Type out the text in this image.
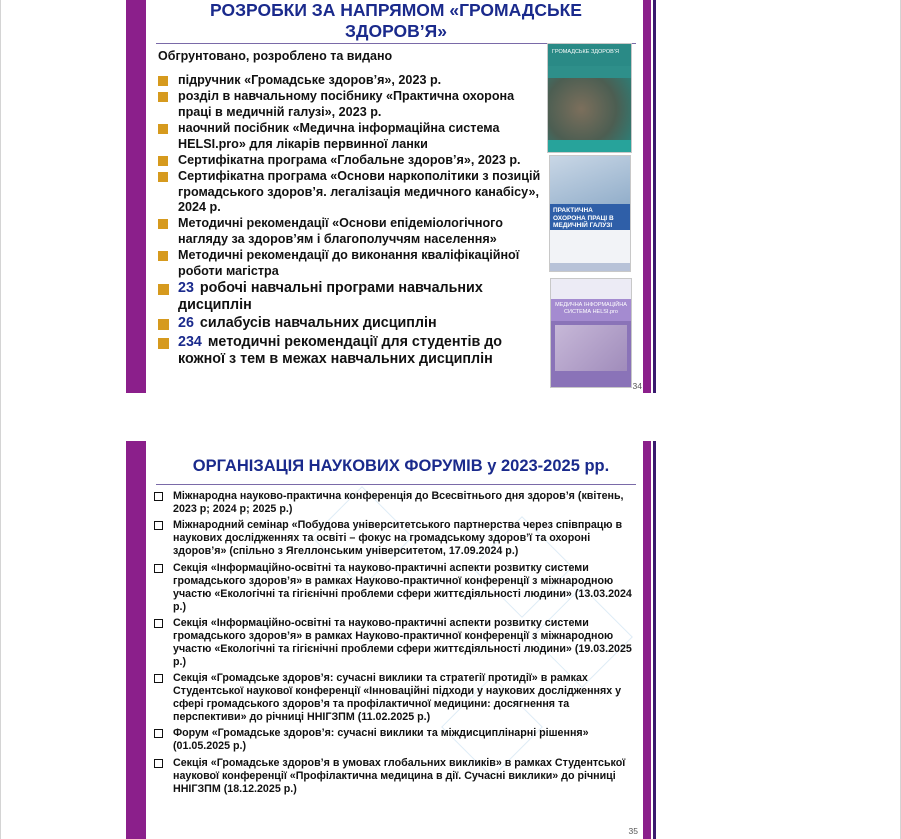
РОЗРОБКИ ЗА НАПРЯМОМ «ГРОМАДСЬКЕ ЗДОРОВ’Я»
Обгрунтовано, розроблено та видано
підручник «Громадське здоров’я», 2023 р.
розділ в навчальному посібнику «Практична охорона праці в медичній галузі», 2023 р.
наочний посібник «Медична інформаційна система HELSI.pro» для лікарів первинної ланки
Сертифікатна програма «Глобальне здоров’я», 2023 р.
Сертифікатна програма «Основи наркополітики з позицій громадського здоров’я. легалізація медичного канабісу», 2024 р.
Методичні рекомендації «Основи епідеміологічного нагляду за здоров’ям і благополуччям населення»
Методичні рекомендації до виконання кваліфікаційної роботи магістра
23 робочі навчальні програми навчальних дисциплін
26 силабусів навчальних дисциплін
234 методичні рекомендації для студентів до кожної з тем в межах навчальних дисциплін
ГРОМАДСЬКЕ ЗДОРОВ’Я
ПРАКТИЧНА ОХОРОНА ПРАЦІ В МЕДИЧНІЙ ГАЛУЗІ
МЕДИЧНА ІНФОРМАЦІЙНА СИСТЕМА HELSI.pro
34
ОРГАНІЗАЦІЯ НАУКОВИХ ФОРУМІВ у 2023-2025 рр.
Міжнародна науково-практична конференція до Всесвітнього дня здоров’я (квітень, 2023 р; 2024 р; 2025 р.)
Міжнародний семінар «Побудова університетського партнерства через співпрацю в наукових дослідженнях та освіті – фокус на громадському здоров’ї та охороні здоров’я» (спільно з Ягеллонським університетом, 17.09.2024 р.)
Секція «Інформаційно-освітні та науково-практичні аспекти розвитку системи громадського здоров’я» в рамках Науково-практичної конференції з міжнародною участю «Екологічні та гігієнічні проблеми сфери життєдіяльності людини» (13.03.2024 р.)
Секція «Інформаційно-освітні та науково-практичні аспекти розвитку системи громадського здоров’я» в рамках Науково-практичної конференції з міжнародною участю «Екологічні та гігієнічні проблеми сфери життєдіяльності людини» (19.03.2025 р.)
Секція «Громадське здоров’я: сучасні виклики та стратегії протидії» в рамках Студентської наукової конференції «Інноваційні підходи у наукових дослідженнях у сфері громадського здоров’я та профілактичної медицини: досягнення та перспективи» до річниці ННІГЗПМ (11.02.2025 р.)
Форум «Громадське здоров’я: сучасні виклики та міждисциплінарні рішення» (01.05.2025 р.)
Секція «Громадське здоров’я в умовах глобальних викликів» в рамках Студентської наукової конференції «Профілактична медицина в дії. Сучасні виклики» до річниці ННІГЗПМ (18.12.2025 р.)
35
